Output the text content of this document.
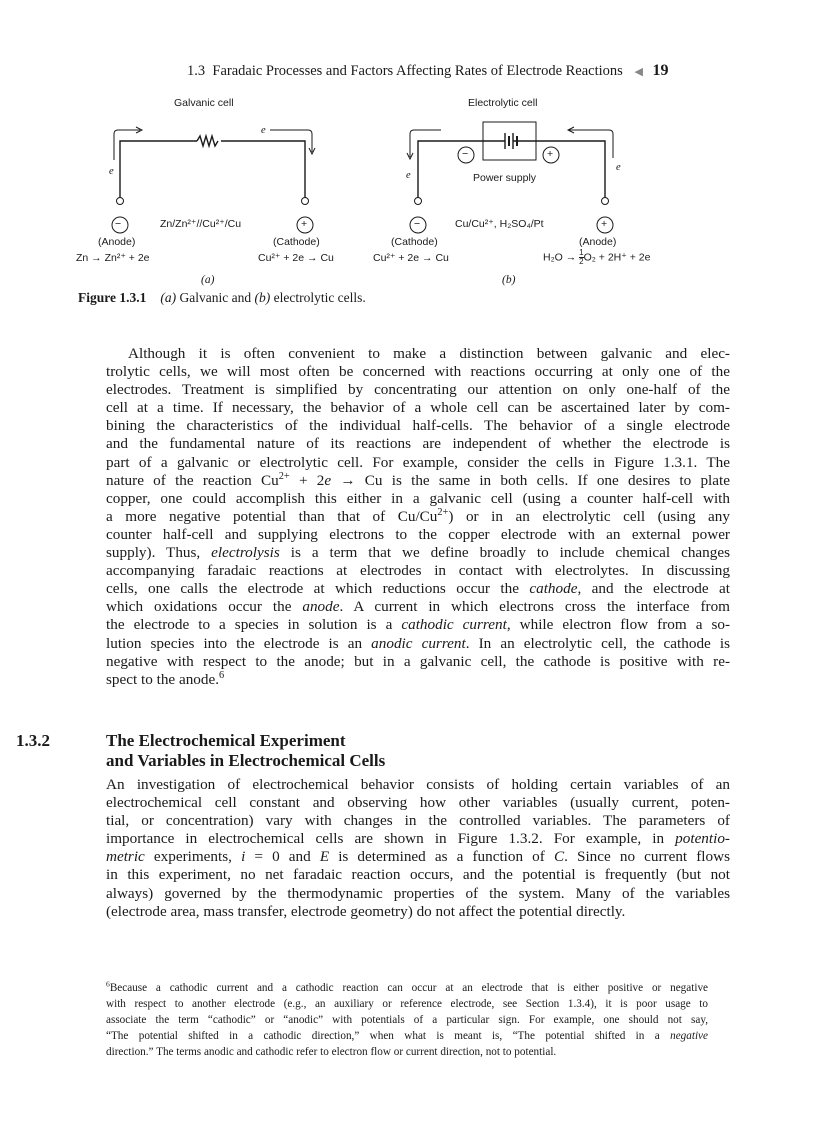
1.3 Faradaic Processes and Factors Affecting Rates of Electrode Reactions ◀ 19
Galvanic cell
e
e
−	+
Zn/Zn²⁺//Cu²⁺/Cu
(Anode)
Zn → Zn²⁺ + 2e
(Cathode)
Cu²⁺ + 2e → Cu
(a)
Electrolytic cell
−	+
Power supply
e
e
−	+
Cu/Cu²⁺, H₂SO₄/Pt
(Cathode)
Cu²⁺ + 2e → Cu
(Anode)
$H_2O \to \frac{1}{2} O_2 + 2H^+ + 2e$
(b)
Figure 1.3.1 (a) Galvanic and (b) electrolytic cells.
Although it is often convenient to make a distinction between galvanic and elec-
trolytic cells, we will most often be concerned with reactions occurring at only one of the
electrodes. Treatment is simplified by concentrating our attention on only one-half of the
cell at a time. If necessary, the behavior of a whole cell can be ascertained later by com-
bining the characteristics of the individual half-cells. The behavior of a single electrode
and the fundamental nature of its reactions are independent of whether the electrode is
part of a galvanic or electrolytic cell. For example, consider the cells in Figure 1.3.1. The
nature of the reaction $Cu^{2+} + 2e \to Cu$ is the same in both cells. If one desires to plate
copper, one could accomplish this either in a galvanic cell (using a counter half-cell with
a more negative potential than that of $Cu/Cu^{2+}$) or in an electrolytic cell (using any
counter half-cell and supplying electrons to the copper electrode with an external power
supply). Thus, electrolysis is a term that we define broadly to include chemical changes
accompanying faradaic reactions at electrodes in contact with electrolytes. In discussing
cells, one calls the electrode at which reductions occur the cathode, and the electrode at
which oxidations occur the anode. A current in which electrons cross the interface from
the electrode to a species in solution is a cathodic current, while electron flow from a so-
lution species into the electrode is an anodic current. In an electrolytic cell, the cathode is
negative with respect to the anode; but in a galvanic cell, the cathode is positive with re-
spect to the anode.$^6$
1.3.2	The Electrochemical Experiment
and Variables in Electrochemical Cells
An investigation of electrochemical behavior consists of holding certain variables of an
electrochemical cell constant and observing how other variables (usually current, poten-
tial, or concentration) vary with changes in the controlled variables. The parameters of
importance in electrochemical cells are shown in Figure 1.3.2. For example, in potentio-
metric experiments, i = 0 and E is determined as a function of C. Since no current flows
in this experiment, no net faradaic reaction occurs, and the potential is frequently (but not
always) governed by the thermodynamic properties of the system. Many of the variables
(electrode area, mass transfer, electrode geometry) do not affect the potential directly.
$^6$Because a cathodic current and a cathodic reaction can occur at an electrode that is either positive or negative
with respect to another electrode (e.g., an auxiliary or reference electrode, see Section 1.3.4), it is poor usage to
associate the term “cathodic” or “anodic” with potentials of a particular sign. For example, one should not say,
“The potential shifted in a cathodic direction,” when what is meant is, “The potential shifted in a negative
direction.” The terms anodic and cathodic refer to electron flow or current direction, not to potential.
